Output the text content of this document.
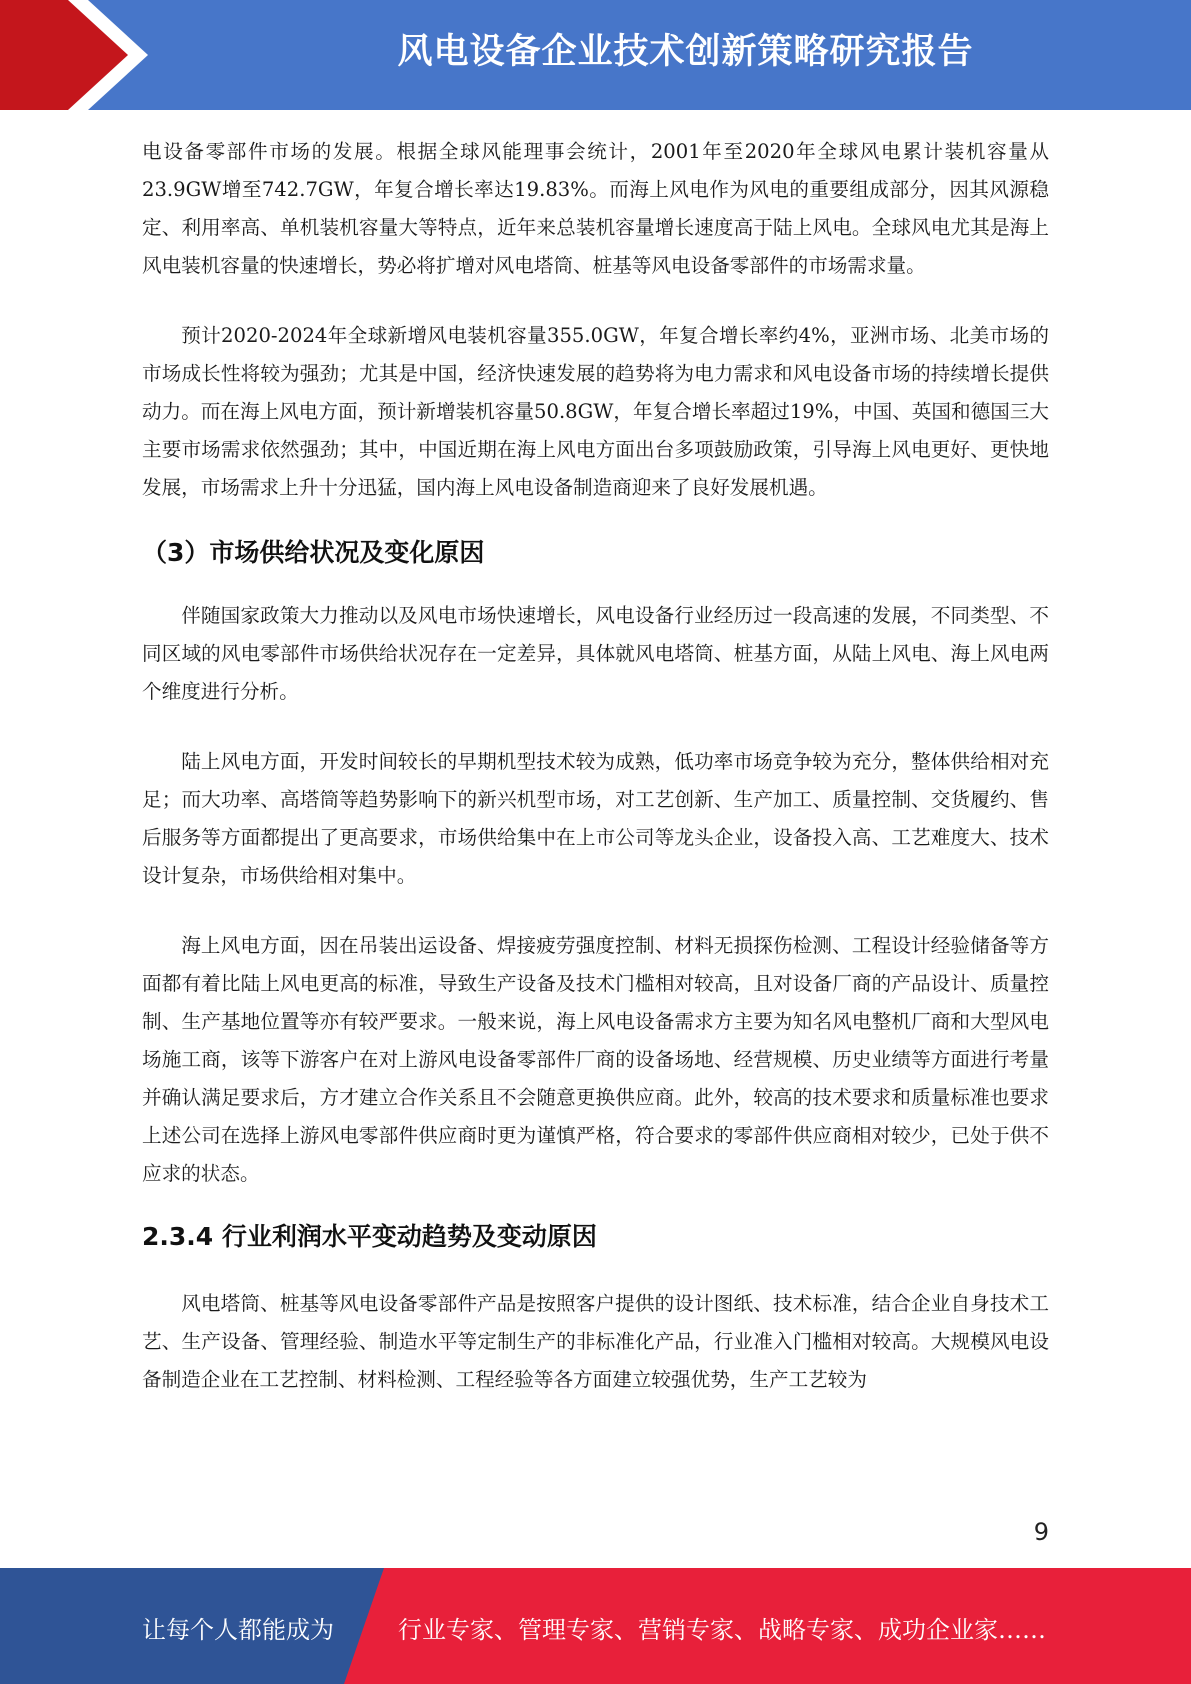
风电设备企业技术创新策略研究报告

电设备零部件市场的发展。根据全球风能理事会统计，2001年至2020年全球风电累计装机容量从23.9GW增至742.7GW，年复合增长率达19.83%。而海上风电作为风电的重要组成部分，因其风源稳定、利用率高、单机装机容量大等特点，近年来总装机容量增长速度高于陆上风电。全球风电尤其是海上风电装机容量的快速增长，势必将扩增对风电塔筒、桩基等风电设备零部件的市场需求量。

预计2020-2024年全球新增风电装机容量355.0GW，年复合增长率约4%，亚洲市场、北美市场的市场成长性将较为强劲；尤其是中国，经济快速发展的趋势将为电力需求和风电设备市场的持续增长提供动力。而在海上风电方面，预计新增装机容量50.8GW，年复合增长率超过19%，中国、英国和德国三大主要市场需求依然强劲；其中，中国近期在海上风电方面出台多项鼓励政策，引导海上风电更好、更快地发展，市场需求上升十分迅猛，国内海上风电设备制造商迎来了良好发展机遇。

（3）市场供给状况及变化原因

伴随国家政策大力推动以及风电市场快速增长，风电设备行业经历过一段高速的发展，不同类型、不同区域的风电零部件市场供给状况存在一定差异，具体就风电塔筒、桩基方面，从陆上风电、海上风电两个维度进行分析。

陆上风电方面，开发时间较长的早期机型技术较为成熟，低功率市场竞争较为充分，整体供给相对充足；而大功率、高塔筒等趋势影响下的新兴机型市场，对工艺创新、生产加工、质量控制、交货履约、售后服务等方面都提出了更高要求，市场供给集中在上市公司等龙头企业，设备投入高、工艺难度大、技术设计复杂，市场供给相对集中。

海上风电方面，因在吊装出运设备、焊接疲劳强度控制、材料无损探伤检测、工程设计经验储备等方面都有着比陆上风电更高的标准，导致生产设备及技术门槛相对较高，且对设备厂商的产品设计、质量控制、生产基地位置等亦有较严要求。一般来说，海上风电设备需求方主要为知名风电整机厂商和大型风电场施工商，该等下游客户在对上游风电设备零部件厂商的设备场地、经营规模、历史业绩等方面进行考量并确认满足要求后，方才建立合作关系且不会随意更换供应商。此外，较高的技术要求和质量标准也要求上述公司在选择上游风电零部件供应商时更为谨慎严格，符合要求的零部件供应商相对较少，已处于供不应求的状态。

2.3.4 行业利润水平变动趋势及变动原因

风电塔筒、桩基等风电设备零部件产品是按照客户提供的设计图纸、技术标准，结合企业自身技术工艺、生产设备、管理经验、制造水平等定制生产的非标准化产品，行业准入门槛相对较高。大规模风电设备制造企业在工艺控制、材料检测、工程经验等各方面建立较强优势，生产工艺较为

9
让每个人都能成为	行业专家、管理专家、营销专家、战略专家、成功企业家……
